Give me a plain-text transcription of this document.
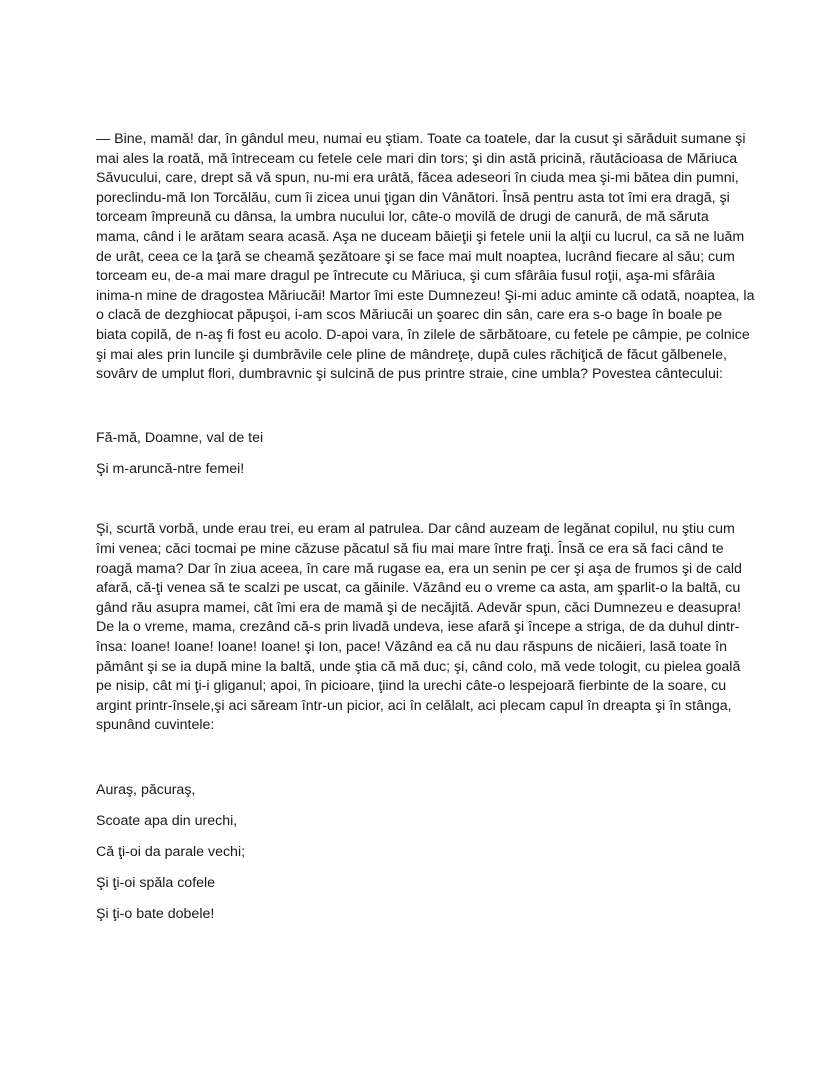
— Bine, mamă! dar, în gândul meu, numai eu ştiam. Toate ca toatele, dar la cusut şi sărăduit sumane şi mai ales la roată, mă întreceam cu fetele cele mari din tors; şi din astă pricină, răutăcioasa de Măriuca Săvucului, care, drept să vă spun, nu-mi era urâtă, făcea adeseori în ciuda mea şi-mi bătea din pumni, poreclindu-mă Ion Torcălău, cum îi zicea unui ţigan din Vânători. Însă pentru asta tot îmi era dragă, şi torceam împreună cu dânsa, la umbra nucului lor, câte-o movilă de drugi de canură, de mă săruta mama, când i le arătam seara acasă. Aşa ne duceam băieţii şi fetele unii la alţii cu lucrul, ca să ne luăm de urât, ceea ce la ţară se cheamă şezătoare şi se face mai mult noaptea, lucrând fiecare al său; cum torceam eu, de-a mai mare dragul pe întrecute cu Măriuca, şi cum sfârâia fusul roţii, aşa-mi sfârâia inima-n mine de dragostea Măriucăi! Martor îmi este Dumnezeu! Şi-mi aduc aminte că odată, noaptea, la o clacă de dezghiocat păpuşoi, i-am scos Măriucăi un şoarec din sân, care era s-o bage în boale pe biata copilă, de n-aş fi fost eu acolo. D-apoi vara, în zilele de sărbătoare, cu fetele pe câmpie, pe colnice şi mai ales prin luncile şi dumbrăvile cele pline de mândreţe, după cules răchiţică de făcut gălbenele, sovârv de umplut flori, dumbravnic şi sulcină de pus printre straie, cine umbla? Povestea cântecului:

Fă-mă, Doamne, val de tei

Şi m-aruncă-ntre femei!

Şi, scurtă vorbă, unde erau trei, eu eram al patrulea. Dar când auzeam de legănat copilul, nu ştiu cum îmi venea; căci tocmai pe mine căzuse păcatul să fiu mai mare între fraţi. Însă ce era să faci când te roagă mama? Dar în ziua aceea, în care mă rugase ea, era un senin pe cer şi aşa de frumos şi de cald afară, că-ţi venea să te scalzi pe uscat, ca găinile. Văzând eu o vreme ca asta, am şparlit-o la baltă, cu gând rău asupra mamei, cât îmi era de mamă şi de necăjită. Adevăr spun, căci Dumnezeu e deasupra! De la o vreme, mama, crezând că-s prin livadă undeva, iese afară şi începe a striga, de da duhul dintr-însa: Ioane! Ioane! Ioane! Ioane! şi Ion, pace! Văzând ea că nu dau răspuns de nicăieri, lasă toate în pământ şi se ia după mine la baltă, unde ştia că mă duc; şi, când colo, mă vede tologit, cu pielea goală pe nisip, cât mi ţi-i gliganul; apoi, în picioare, ţiind la urechi câte-o lespejoară fierbinte de la soare, cu argint printr-însele,şi aci săream într-un picior, aci în celălalt, aci plecam capul în dreapta şi în stânga, spunând cuvintele:

Auraş, păcuraş,

Scoate apa din urechi,

Că ţi-oi da parale vechi;

Şi ţi-oi spăla cofele

Şi ţi-o bate dobele!
